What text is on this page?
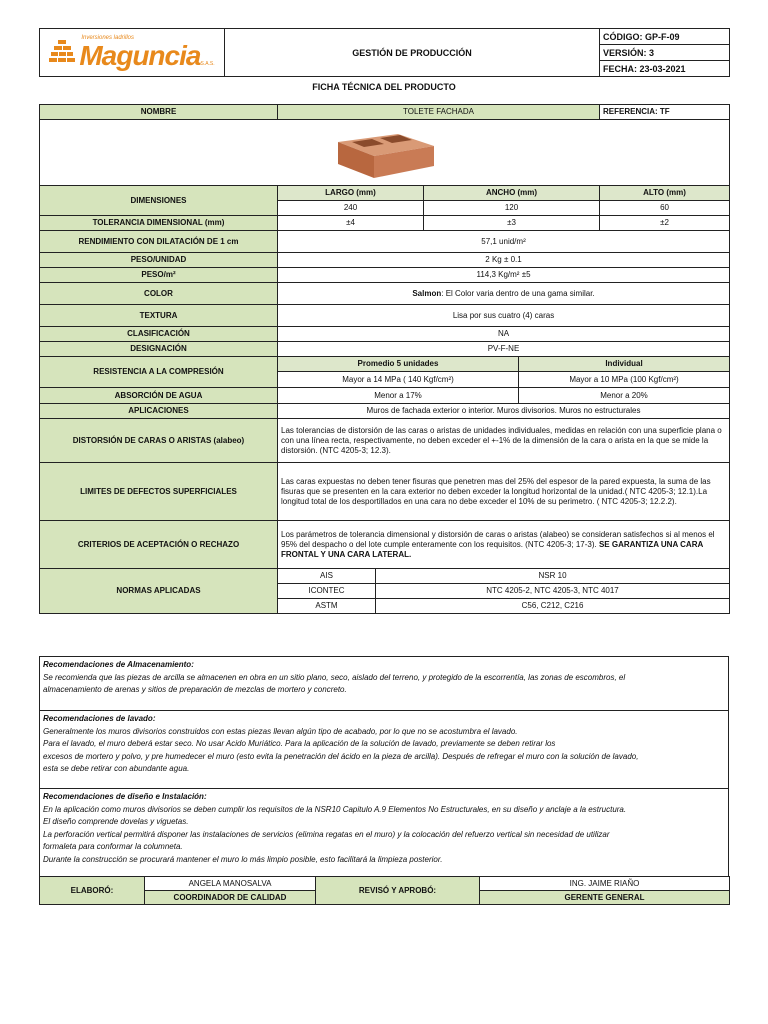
Inversiones ladrillos
MagunciaS.A.S.
	GESTIÓN DE PRODUCCIÓN	CÓDIGO: GP-F-09
VERSIÓN: 3
FECHA: 23-03-2021
FICHA TÉCNICA DEL PRODUCTO
NOMBRE	TOLETE FACHADA				REFERENCIA: TF

DIMENSIONES	LARGO (mm)		ANCHO (mm)		ALTO (mm)
	240		120		60
TOLERANCIA DIMENSIONAL (mm)	±4		±3		±2
RENDIMIENTO CON DILATACIÓN DE 1 cm	57,1 unid/m²				
PESO/UNIDAD	2 Kg ± 0.1				
PESO/m²	114,3 Kg/m² ±5				
COLOR	Salmon: El Color varia dentro de una gama similar.				
TEXTURA	Lisa por sus cuatro (4) caras				
CLASIFICACIÓN	NA				
DESIGNACIÓN	PV-F-NE				
RESISTENCIA A LA COMPRESIÓN	Promedio 5 unidades			Individual	
	Mayor a 14 MPa ( 140 Kgf/cm²)			Mayor a 10 MPa (100 Kgf/cm²)	
ABSORCIÓN DE AGUA	Menor a 17%			Menor a 20%	
APLICACIONES	Muros de fachada exterior o interior. Muros divisorios. Muros no estructurales				
DISTORSIÓN DE CARAS O ARISTAS (alabeo)	Las tolerancias de distorsión de las caras o aristas de unidades individuales, medidas en relación con una superficie plana o con una línea recta, respectivamente, no deben exceder el +-1% de la dimensión de la cara o arista en la que se mide la distorsión. (NTC 4205-3; 12.3).				
LIMITES DE DEFECTOS SUPERFICIALES	Las caras expuestas no deben tener fisuras que penetren mas del 25% del espesor de la pared expuesta, la suma de las fisuras que se presenten en la cara exterior no deben exceder la longitud horizontal de la unidad.( NTC 4205-3; 12.1).La longitud total de los desportillados en una cara no debe exceder el 10% de su perimetro. ( NTC 4205-3; 12.2.2).				
CRITERIOS DE ACEPTACIÓN O RECHAZO	Los parámetros de tolerancia dimensional y distorsión de caras o aristas (alabeo) se consideran satisfechos si al menos el 95% del despacho o del lote cumple enteramente con los requisitos. (NTC 4205-3; 17-3). SE GARANTIZA UNA CARA FRONTAL Y UNA CARA LATERAL.				
NORMAS APLICADAS	AIS	NSR 10			
	ICONTEC	NTC 4205-2, NTC 4205-3, NTC 4017			
	ASTM	C56, C212, C216			
Recomendaciones de Almacenamiento:
Se recomienda que las piezas de arcilla se almacenen en obra en un sitio plano, seco, aislado del terreno, y protegido de la escorrentía, las zonas de escombros, el
almacenamiento de arenas y sitios de preparación de mezclas de mortero y concreto.
Recomendaciones de lavado:
Generalmente los muros divisorios construidos con estas piezas llevan algún tipo de acabado, por lo que no se acostumbra el lavado.
Para el lavado, el muro deberá estar seco. No usar Acido Muriático. Para la aplicación de la solución de lavado, previamente se deben retirar los
excesos de mortero y polvo, y pre humedecer el muro (esto evita la penetración del ácido en la pieza de arcilla). Después de refregar el muro con la solución de lavado,
esta se debe retirar con abundante agua.
Recomendaciones de diseño e Instalación:
En la aplicación como muros divisorios se deben cumplir los requisitos de la NSR10 Capitulo A.9 Elementos No Estructurales, en su diseño y anclaje a la estructura.
El diseño comprende dovelas y viguetas.
La perforación vertical permitirá disponer las instalaciones de servicios (elimina regatas en el muro) y la colocación del refuerzo vertical sin necesidad de utilizar
formaleta para conformar la columneta.
Durante la construcción se procurará mantener el muro lo más limpio posible, esto facilitará la limpieza posterior.
ELABORÓ:	ANGELA MANOSALVA	REVISÓ Y APROBÓ:	ING. JAIME RIAÑO
	COORDINADOR DE CALIDAD		GERENTE GENERAL
